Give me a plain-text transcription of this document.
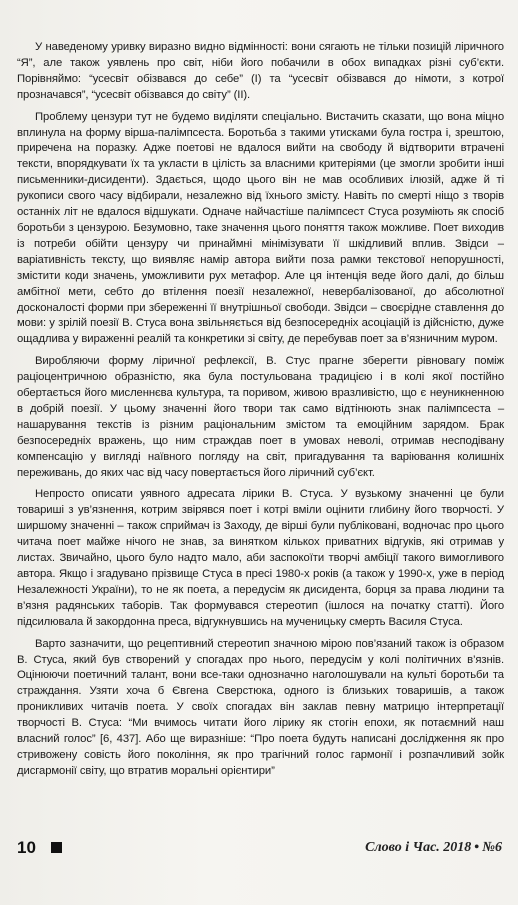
У наведеному уривку виразно видно відмінності: вони сягають не тільки позицій ліричного “Я”, але також уявлень про світ, ніби його побачили в обох випадках різні суб’єкти. Порівняймо: “усесвіт обізвався до себе” (I) та “усесвіт обізвався до німоти, з котрої прозначався”, “усесвіт обізвався до світу” (II).

Проблему цензури тут не будемо виділяти спеціально. Вистачить сказати, що вона міцно вплинула на форму вірша-палімпсеста. Боротьба з такими утисками була гостра і, зрештою, приречена на поразку. Адже поетові не вдалося вийти на свободу й відтворити втрачені тексти, впорядкувати їх та укласти в цілість за власними критеріями (це змогли зробити інші письменники-дисиденти). Здається, щодо цього він не мав особливих ілюзій, адже й ті рукописи свого часу відбирали, незалежно від їхнього змісту. Навіть по смерті ніщо з творів останніх літ не вдалося відшукати. Одначе найчастіше палімпсест Стуса розуміють як спосіб боротьби з цензурою. Безумовно, таке значення цього поняття також можливе. Поет виходив із потреби обійти цензуру чи принаймні мінімізувати її шкідливий вплив. Звідси – варіативність тексту, що виявляє намір автора вийти поза рамки текстової непорушності, змістити коди значень, уможливити рух метафор. Але ця інтенція веде його далі, до більш амбітної мети, себто до втілення поезії незалежної, невербалізованої, до абсолютної досконалості форми при збереженні її внутрішньої свободи. Звідси – своєрідне ставлення до мови: у зрілій поезії В. Стуса вона звільняється від безпосередніх асоціацій із дійсністю, дуже ощадлива у вираженні реалій та конкретики зі світу, де перебував поет за в’язничним муром.

Виробляючи форму ліричної рефлексії, В. Стус прагне зберегти рівновагу поміж раціоцентричною образністю, яка була постульована традицією і в колі якої постійно обертається його мисленнєва культура, та поривом, живою вразливістю, що є неуникненною в добрій поезії. У цьому значенні його твори так само відтінюють знак палімпсеста – нашарування текстів із різним раціональним змістом та емоційним зарядом. Брак безпосередніх вражень, що ним страждав поет в умовах неволі, отримав несподівану компенсацію у вигляді наївного погляду на світ, пригадування та варіювання колишніх переживань, до яких час від часу повертається його ліричний суб’єкт.

Непросто описати уявного адресата лірики В. Стуса. У вузькому значенні це були товариші з ув’язнення, котрим звірявся поет і котрі вміли оцінити глибину його творчості. У ширшому значенні – також сприймач із Заходу, де вірші були публіковані, водночас про цього читача поет майже нічого не знав, за винятком кількох приватних відгуків, які отримав у листах. Звичайно, цього було надто мало, аби заспокоїти творчі амбіції такого вимогливого автора. Якщо і згадувано прізвище Стуса в пресі 1980-х років (а також у 1990-х, уже в період Незалежності України), то не як поета, а передусім як дисидента, борця за права людини та в’язня радянських таборів. Так формувався стереотип (ішлося на початку статті). Його підсилювала й закордонна преса, відгукнувшись на мученицьку смерть Василя Стуса.

Варто зазначити, що рецептивний стереотип значною мірою пов’язаний також із образом В. Стуса, який був створений у спогадах про нього, передусім у колі політичних в’язнів. Оцінюючи поетичний талант, вони все-таки однозначно наголошували на культі боротьби та страждання. Узяти хоча б Євгена Сверстюка, одного із близьких товаришів, а також проникливих читачів поета. У своїх спогадах він заклав певну матрицю інтерпретації творчості В. Стуса: “Ми вчимось читати його лірику як стогін епохи, як потаємний наш власний голос” [6, 437]. Або ще виразніше: “Про поета будуть написані дослідження як про стривожену совість його покоління, як про трагічний голос гармонії і розпачливий зойк дисгармонії світу, що втратив моральні орієнтири”

10	Слово і Час. 2018 • №6
